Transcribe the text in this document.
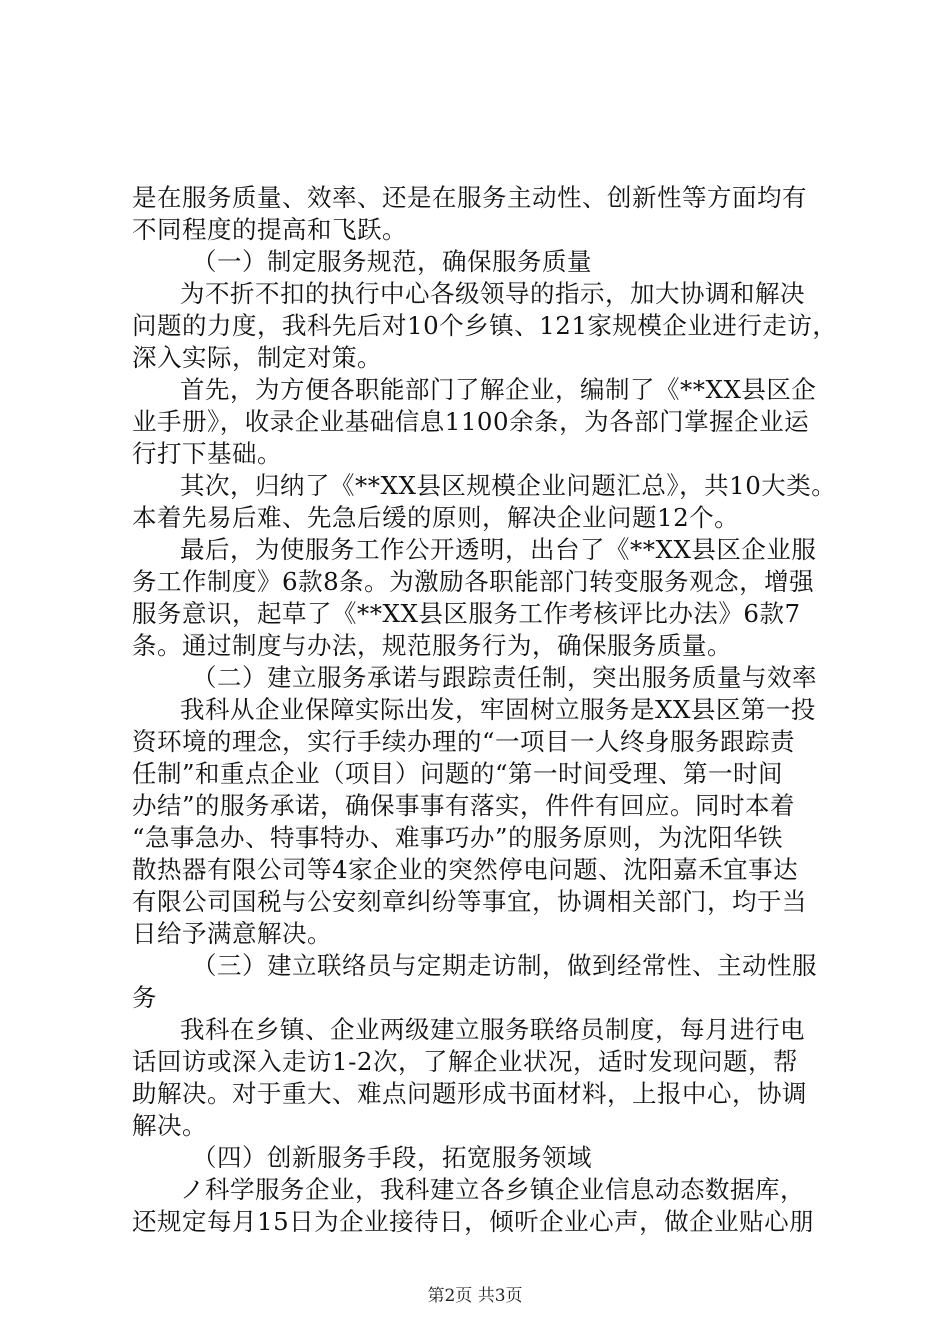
是在服务质量、效率、还是在服务主动性、创新性等方面均有
不同程度的提高和飞跃。
（一）制定服务规范，确保服务质量
为不折不扣的执行中心各级领导的指示，加大协调和解决
问题的力度，我科先后对10个乡镇、121家规模企业进行走访，
深入实际，制定对策。
首先，为方便各职能部门了解企业，编制了《**XX县区企
业手册》，收录企业基础信息1100余条，为各部门掌握企业运
行打下基础。
其次，归纳了《**XX县区规模企业问题汇总》，共10大类。
本着先易后难、先急后缓的原则，解决企业问题12个。
最后，为使服务工作公开透明，出台了《**XX县区企业服
务工作制度》6款8条。为激励各职能部门转变服务观念，增强
服务意识，起草了《**XX县区服务工作考核评比办法》6款7
条。通过制度与办法，规范服务行为，确保服务质量。
（二）建立服务承诺与跟踪责任制，突出服务质量与效率
我科从企业保障实际出发，牢固树立服务是XX县区第一投
资环境的理念，实行手续办理的“一项目一人终身服务跟踪责
任制”和重点企业（项目）问题的“第一时间受理、第一时间
办结”的服务承诺，确保事事有落实，件件有回应。同时本着
“急事急办、特事特办、难事巧办”的服务原则，为沈阳华铁
散热器有限公司等4家企业的突然停电问题、沈阳嘉禾宜事达
有限公司国税与公安刻章纠纷等事宜，协调相关部门，均于当
日给予满意解决。
（三）建立联络员与定期走访制，做到经常性、主动性服
务
我科在乡镇、企业两级建立服务联络员制度，每月进行电
话回访或深入走访1-2次，了解企业状况，适时发现问题，帮
助解决。对于重大、难点问题形成书面材料，上报中心，协调
解决。
（四）创新服务手段，拓宽服务领域
ノ科学服务企业，我科建立各乡镇企业信息动态数据库，
还规定每月15日为企业接待日，倾听企业心声，做企业贴心朋
第2页 共3页
